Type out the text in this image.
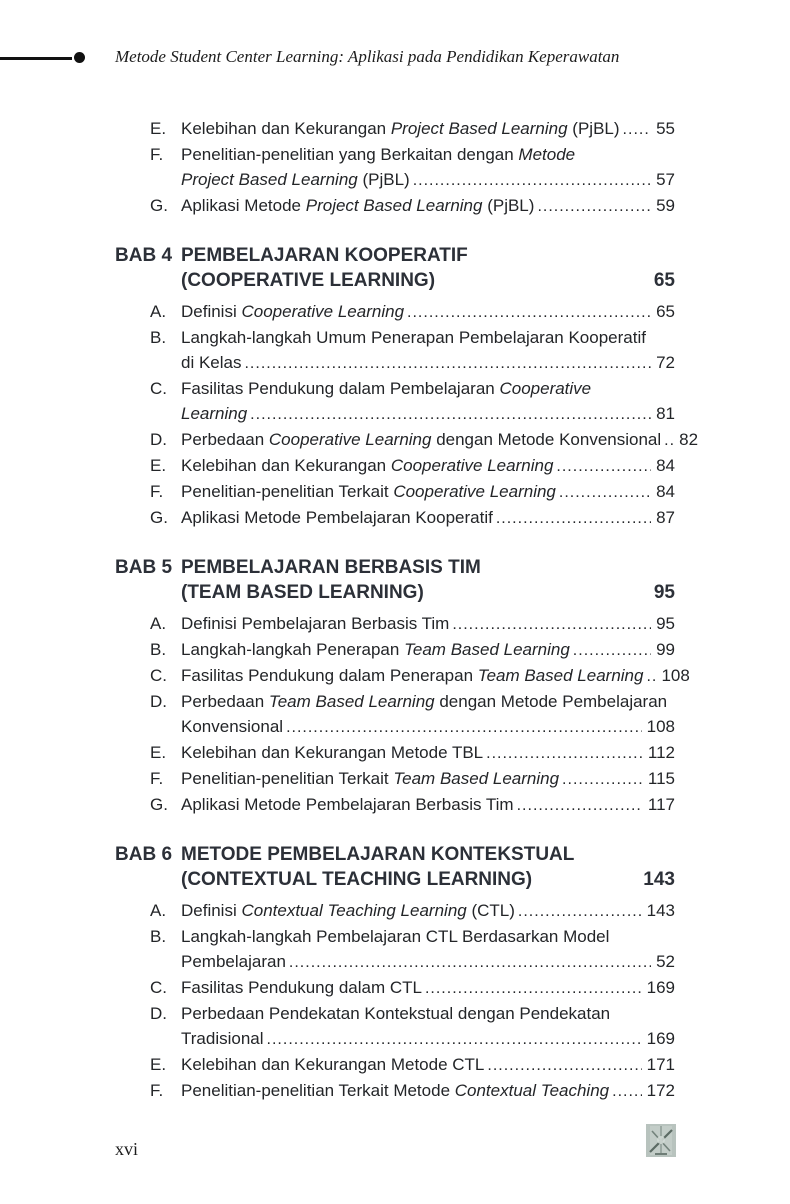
Metode Student Center Learning: Aplikasi pada Pendidikan Keperawatan
E. Kelebihan dan Kekurangan Project Based Learning (PjBL) ..... 55
F.	Penelitian-penelitian yang Berkaitan dengan Metode
Project Based Learning (PjBL) .....	57
G. Aplikasi Metode Project Based Learning (PjBL) .....	59
BAB 4 PEMBELAJARAN KOOPERATIF
(COOPERATIVE LEARNING)	65
A. Definisi Cooperative Learning .....	65
B. Langkah-langkah Umum Penerapan Pembelajaran Kooperatif
di Kelas .....	72
C. Fasilitas Pendukung dalam Pembelajaran Cooperative
Learning .....	81
D. Perbedaan Cooperative Learning dengan Metode Konvensional ..... 82
E. Kelebihan dan Kekurangan Cooperative Learning .....	84
F.	Penelitian-penelitian Terkait Cooperative Learning .....	84
G. Aplikasi Metode Pembelajaran Kooperatif .....	87
BAB 5 PEMBELAJARAN BERBASIS TIM
(TEAM BASED LEARNING)	95
A. Definisi Pembelajaran Berbasis Tim .....	95
B. Langkah-langkah Penerapan Team Based Learning .....	99
C. Fasilitas Pendukung dalam Penerapan Team Based Learning ..... 108
D. Perbedaan Team Based Learning dengan Metode Pembelajaran
Konvensional .....	108
E. Kelebihan dan Kekurangan Metode TBL .....	112
F.	Penelitian-penelitian Terkait Team Based Learning .....	115
G. Aplikasi Metode Pembelajaran Berbasis Tim .....	117
BAB 6 METODE PEMBELAJARAN KONTEKSTUAL
(CONTEXTUAL TEACHING LEARNING)	143
A. Definisi Contextual Teaching Learning (CTL) .....	143
B. Langkah-langkah Pembelajaran CTL Berdasarkan Model
Pembelajaran .....	52
C. Fasilitas Pendukung dalam CTL .....	169
D. Perbedaan Pendekatan Kontekstual dengan Pendekatan
Tradisional .....	169
E. Kelebihan dan Kekurangan Metode CTL .....	171
F.	Penelitian-penelitian Terkait Metode Contextual Teaching ..... 172
xvi
